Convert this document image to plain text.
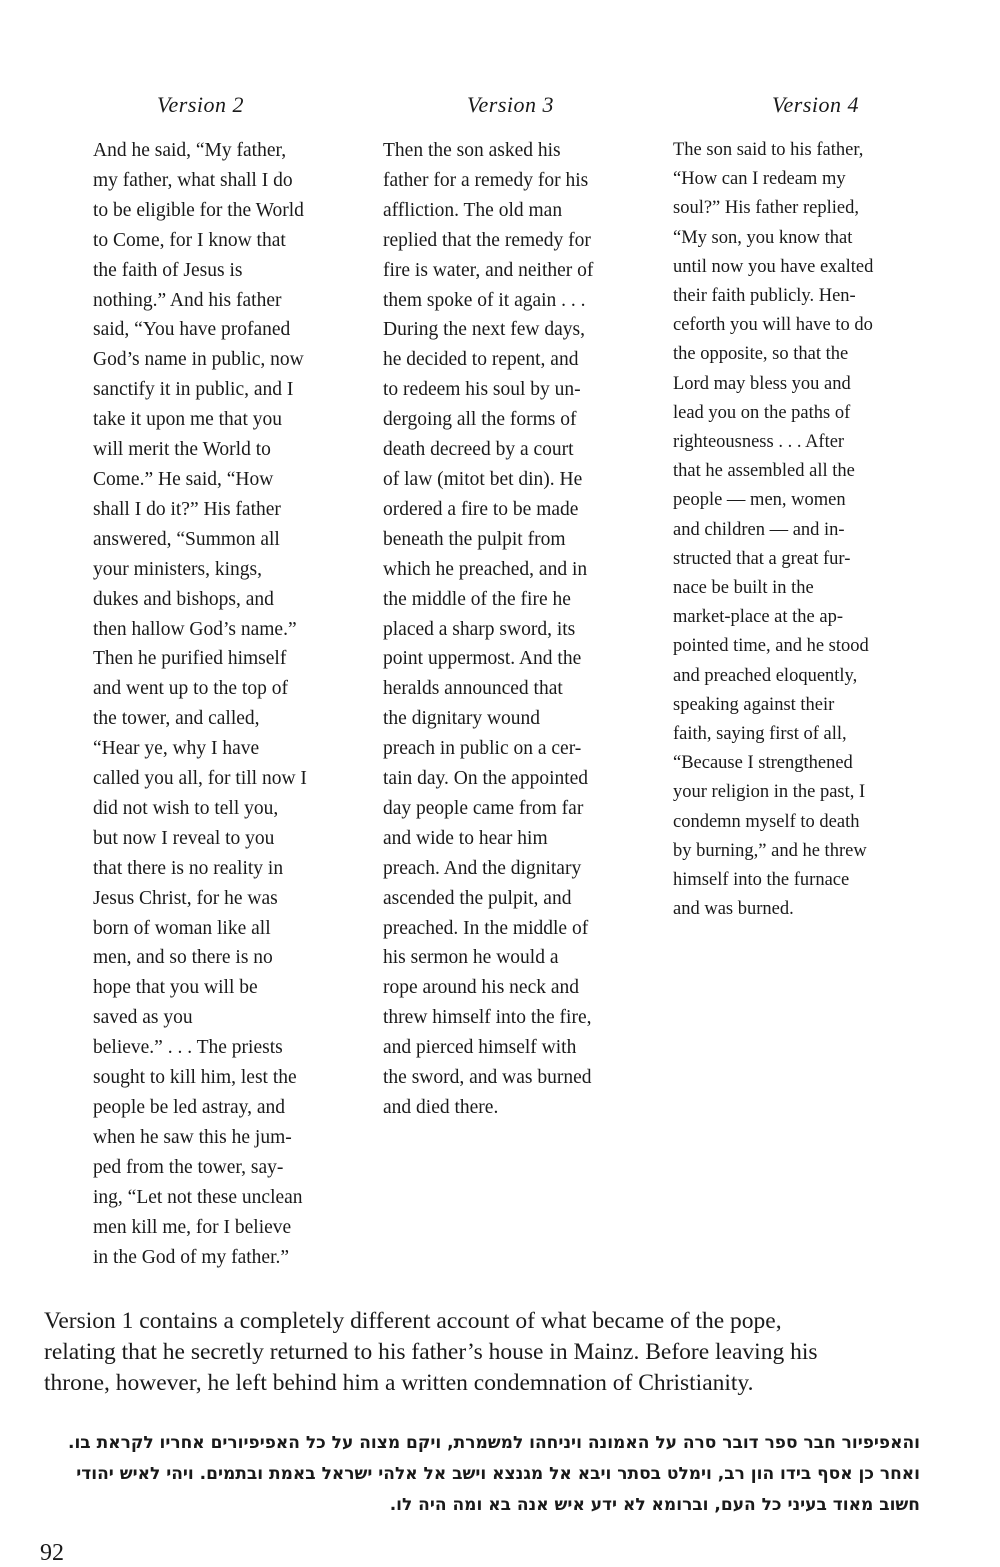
Version 2
And he said, “My father,
my father, what shall I do
to be eligible for the World
to Come, for I know that
the faith of Jesus is
nothing.” And his father
said, “You have profaned
God’s name in public, now
sanctify it in public, and I
take it upon me that you
will merit the World to
Come.” He said, “How
shall I do it?” His father
answered, “Summon all
your ministers, kings,
dukes and bishops, and
then hallow God’s name.”
Then he purified himself
and went up to the top of
the tower, and called,
“Hear ye, why I have
called you all, for till now I
did not wish to tell you,
but now I reveal to you
that there is no reality in
Jesus Christ, for he was
born of woman like all
men, and so there is no
hope that you will be
saved as you
believe.” . . . The priests
sought to kill him, lest the
people be led astray, and
when he saw this he jum-
ped from the tower, say-
ing, “Let not these unclean
men kill me, for I believe
in the God of my father.”
Version 3
Then the son asked his
father for a remedy for his
affliction. The old man
replied that the remedy for
fire is water, and neither of
them spoke of it again . . .
During the next few days,
he decided to repent, and
to redeem his soul by un-
dergoing all the forms of
death decreed by a court
of law (mitot bet din). He
ordered a fire to be made
beneath the pulpit from
which he preached, and in
the middle of the fire he
placed a sharp sword, its
point uppermost. And the
heralds announced that
the dignitary wound
preach in public on a cer-
tain day. On the appointed
day people came from far
and wide to hear him
preach. And the dignitary
ascended the pulpit, and
preached. In the middle of
his sermon he would a
rope around his neck and
threw himself into the fire,
and pierced himself with
the sword, and was burned
and died there.
Version 4
The son said to his father,
“How can I redeam my
soul?” His father replied,
“My son, you know that
until now you have exalted
their faith publicly. Hen-
ceforth you will have to do
the opposite, so that the
Lord may bless you and
lead you on the paths of
righteousness . . . After
that he assembled all the
people — men, women
and children — and in-
structed that a great fur-
nace be built in the
market-place at the ap-
pointed time, and he stood
and preached eloquently,
speaking against their
faith, saying first of all,
“Because I strengthened
your religion in the past, I
condemn myself to death
by burning,” and he threw
himself into the furnace
and was burned.
Version 1 contains a completely different account of what became of the pope,
relating that he secretly returned to his father’s house in Mainz. Before leaving his
throne, however, he left behind him a written condemnation of Christianity.
והאפיפיור חבר ספר דובר סרה על האמונה ויניחהו למשמרת, ויקם מצוה על כל האפיפיורים אחריו לקראת בו.
ואחר כן אסף בידו הון רב, וימלט בסתר ויבא אל מגנצא וישב אל אלהי ישראל באמת ובתמים. ויהי לאיש יהודי
חשוב מאוד בעיני כל העם, וברומא לא ידע איש אנה בא ומה היה לו.
92
